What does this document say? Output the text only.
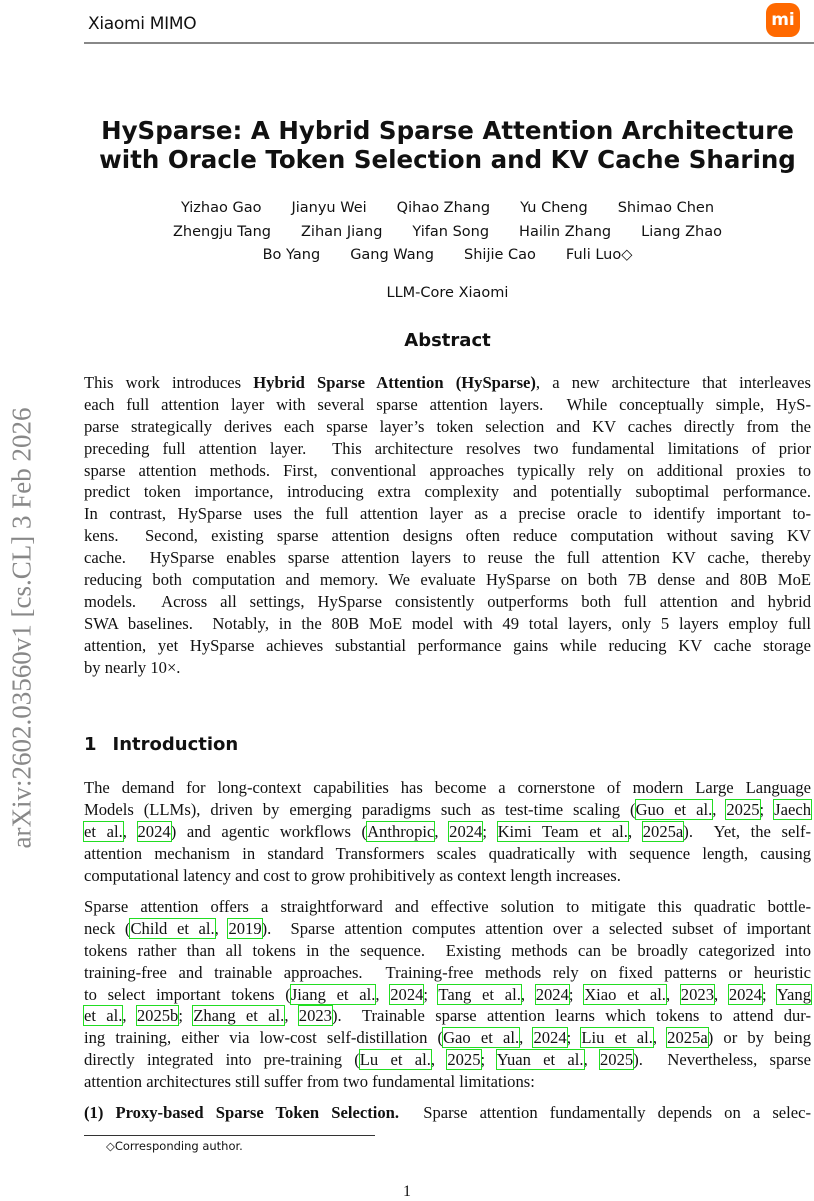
Xiaomi MIMO	mi
arXiv:2602.03560v1 [cs.CL] 3 Feb 2026
HySparse: A Hybrid Sparse Attention Architecture
with Oracle Token Selection and KV Cache Sharing
Yizhao Gao Jianyu Wei Qihao Zhang Yu Cheng Shimao Chen
Zhengju Tang Zihan Jiang Yifan Song Hailin Zhang Liang Zhao
Bo Yang Gang Wang Shijie Cao Fuli Luo◇
LLM-Core Xiaomi
Abstract
This work introduces Hybrid Sparse Attention (HySparse), a new architecture that interleaves
each full attention layer with several sparse attention layers.  While conceptually simple, HyS-
parse strategically derives each sparse layer’s token selection and KV caches directly from the
preceding full attention layer.  This architecture resolves two fundamental limitations of prior
sparse attention methods. First, conventional approaches typically rely on additional proxies to
predict token importance, introducing extra complexity and potentially suboptimal performance.
In contrast, HySparse uses the full attention layer as a precise oracle to identify important to-
kens.  Second, existing sparse attention designs often reduce computation without saving KV
cache.  HySparse enables sparse attention layers to reuse the full attention KV cache, thereby
reducing both computation and memory. We evaluate HySparse on both 7B dense and 80B MoE
models.  Across all settings, HySparse consistently outperforms both full attention and hybrid
SWA baselines.  Notably, in the 80B MoE model with 49 total layers, only 5 layers employ full
attention, yet HySparse achieves substantial performance gains while reducing KV cache storage
by nearly 10×.
1 Introduction
The demand for long-context capabilities has become a cornerstone of modern Large Language
Models (LLMs), driven by emerging paradigms such as test-time scaling (Guo et al., 2025; Jaech
et al., 2024) and agentic workflows (Anthropic, 2024; Kimi Team et al., 2025a).  Yet, the self-
attention mechanism in standard Transformers scales quadratically with sequence length, causing
computational latency and cost to grow prohibitively as context length increases.
Sparse attention offers a straightforward and effective solution to mitigate this quadratic bottle-
neck (Child et al., 2019).  Sparse attention computes attention over a selected subset of important
tokens rather than all tokens in the sequence.  Existing methods can be broadly categorized into
training-free and trainable approaches.  Training-free methods rely on fixed patterns or heuristic
to select important tokens (Jiang et al., 2024; Tang et al., 2024; Xiao et al., 2023, 2024; Yang
et al., 2025b; Zhang et al., 2023).  Trainable sparse attention learns which tokens to attend dur-
ing training, either via low-cost self-distillation (Gao et al., 2024; Liu et al., 2025a) or by being
directly integrated into pre-training (Lu et al., 2025; Yuan et al., 2025).  Nevertheless, sparse
attention architectures still suffer from two fundamental limitations:
(1) Proxy-based Sparse Token Selection.  Sparse attention fundamentally depends on a selec-
◇Corresponding author.
1
